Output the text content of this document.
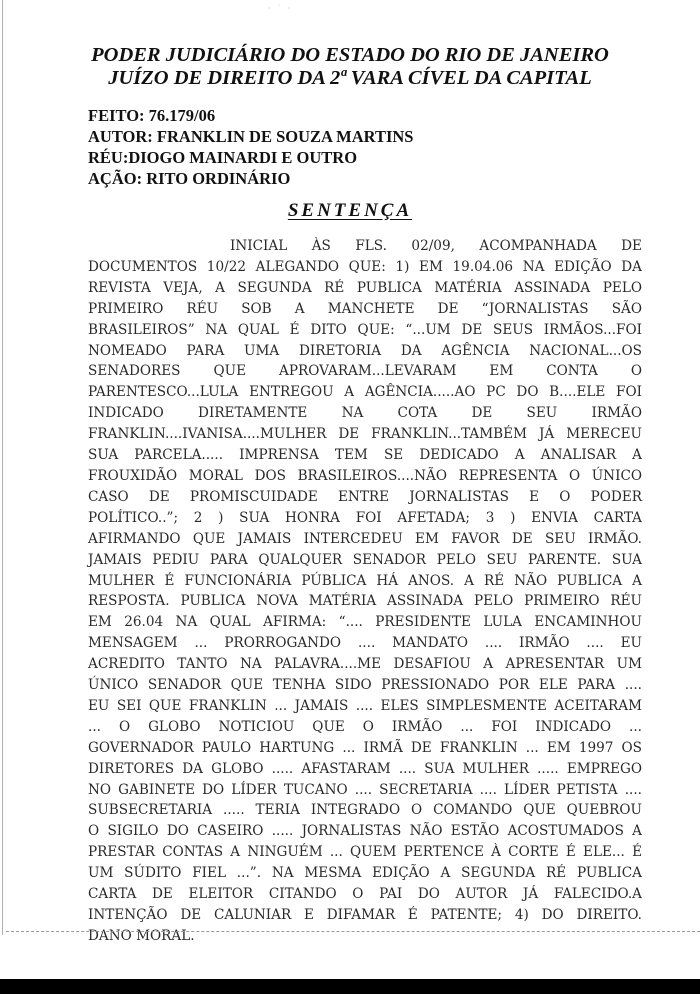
· ˙ ·
PODER JUDICIÁRIO DO ESTADO DO RIO DE JANEIRO
JUÍZO DE DIREITO DA 2ª VARA CÍVEL DA CAPITAL
FEITO: 76.179/06
AUTOR: FRANKLIN DE SOUZA MARTINS
RÉU:DIOGO MAINARDI E OUTRO
AÇÃO: RITO ORDINÁRIO
SENTENÇA
INICIAL ÀS FLS. 02/09, ACOMPANHADA DE
DOCUMENTOS 10/22 ALEGANDO QUE: 1) EM 19.04.06 NA EDIÇÃO DA
REVISTA VEJA, A SEGUNDA RÉ PUBLICA MATÉRIA ASSINADA PELO
PRIMEIRO RÉU SOB A MANCHETE DE “JORNALISTAS SÃO
BRASILEIROS” NA QUAL É DITO QUE: “...UM DE SEUS IRMÃOS...FOI
NOMEADO PARA UMA DIRETORIA DA AGÊNCIA NACIONAL...OS
SENADORES QUE APROVARAM...LEVARAM EM CONTA O
PARENTESCO...LULA ENTREGOU A AGÊNCIA.....AO PC DO B....ELE FOI
INDICADO DIRETAMENTE NA COTA DE SEU IRMÃO
FRANKLIN....IVANISA....MULHER DE FRANKLIN...TAMBÉM JÁ MERECEU
SUA PARCELA..... IMPRENSA TEM SE DEDICADO A ANALISAR A
FROUXIDÃO MORAL DOS BRASILEIROS....NÃO REPRESENTA O ÚNICO
CASO DE PROMISCUIDADE ENTRE JORNALISTAS E O PODER
POLÍTICO..”; 2 ) SUA HONRA FOI AFETADA; 3 ) ENVIA CARTA
AFIRMANDO QUE JAMAIS INTERCEDEU EM FAVOR DE SEU IRMÃO.
JAMAIS PEDIU PARA QUALQUER SENADOR PELO SEU PARENTE. SUA
MULHER É FUNCIONÁRIA PÚBLICA HÁ ANOS. A RÉ NÃO PUBLICA A
RESPOSTA. PUBLICA NOVA MATÉRIA ASSINADA PELO PRIMEIRO RÉU
EM 26.04 NA QUAL AFIRMA: “.... PRESIDENTE LULA ENCAMINHOU
MENSAGEM ... PRORROGANDO .... MANDATO .... IRMÃO .... EU
ACREDITO TANTO NA PALAVRA....ME DESAFIOU A APRESENTAR UM
ÚNICO SENADOR QUE TENHA SIDO PRESSIONADO POR ELE PARA ....
EU SEI QUE FRANKLIN ... JAMAIS .... ELES SIMPLESMENTE ACEITARAM
... O GLOBO NOTICIOU QUE O IRMÃO ... FOI INDICADO ...
GOVERNADOR PAULO HARTUNG ... IRMÃ DE FRANKLIN ... EM 1997 OS
DIRETORES DA GLOBO ..... AFASTARAM .... SUA MULHER ..... EMPREGO
NO GABINETE DO LÍDER TUCANO .... SECRETARIA .... LÍDER PETISTA ....
SUBSECRETARIA ..... TERIA INTEGRADO O COMANDO QUE QUEBROU
O SIGILO DO CASEIRO ..... JORNALISTAS NÃO ESTÃO ACOSTUMADOS A
PRESTAR CONTAS A NINGUÉM ... QUEM PERTENCE À CORTE É ELE... É
UM SÚDITO FIEL ...”. NA MESMA EDIÇÃO A SEGUNDA RÉ PUBLICA
CARTA DE ELEITOR CITANDO O PAI DO AUTOR JÁ FALECIDO.A
INTENÇÃO DE CALUNIAR E DIFAMAR É PATENTE; 4) DO DIREITO.
DANO MORAL.
